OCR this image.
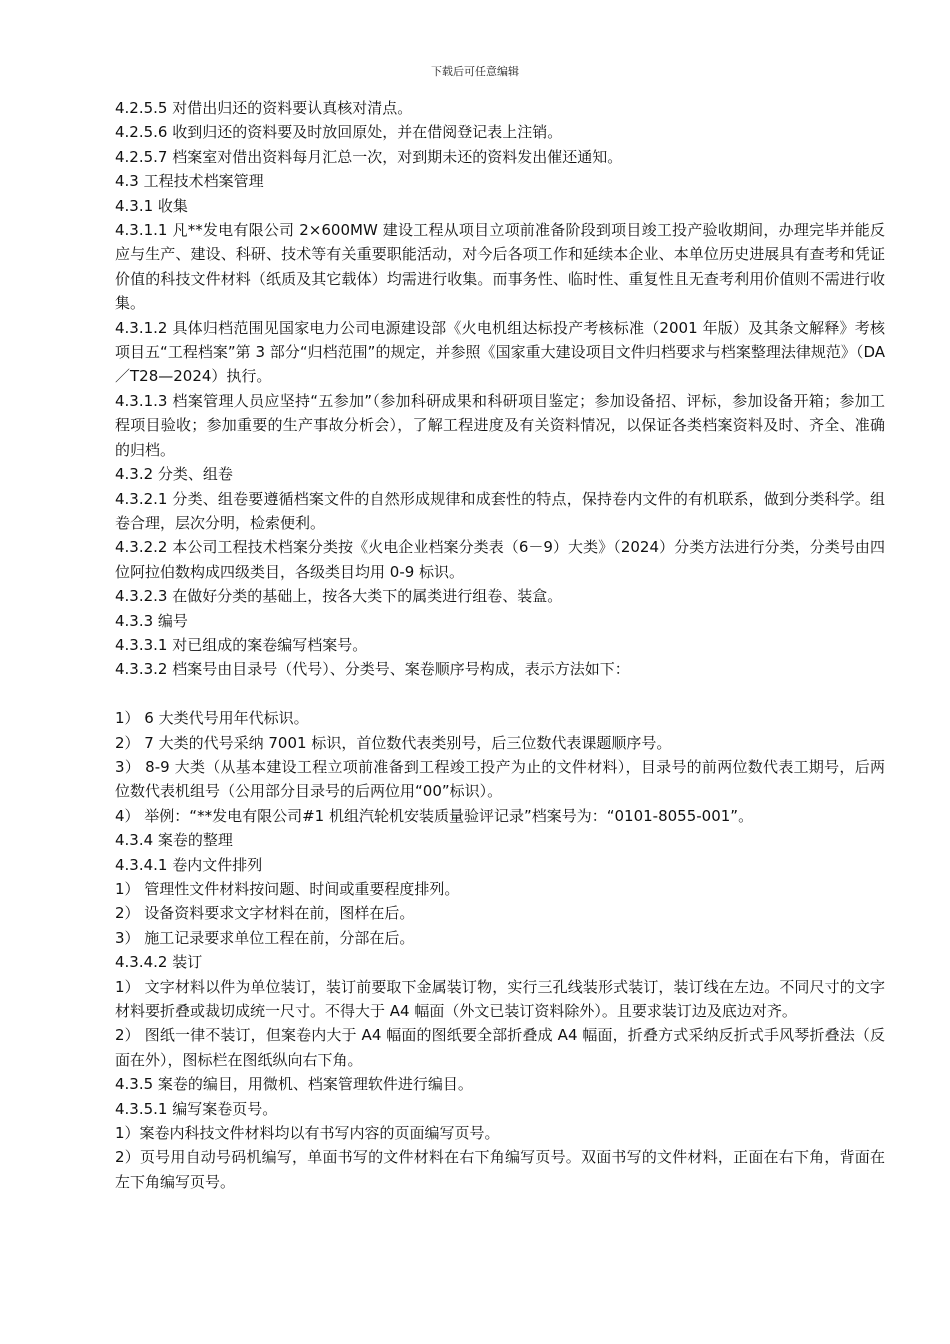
下载后可任意编辑

4.2.5.5 对借出归还的资料要认真核对清点。

4.2.5.6 收到归还的资料要及时放回原处，并在借阅登记表上注销。

4.2.5.7 档案室对借出资料每月汇总一次，对到期未还的资料发出催还通知。

4.3 工程技术档案管理

4.3.1 收集

4.3.1.1 凡**发电有限公司 2×600MW 建设工程从项目立项前准备阶段到项目竣工投产验收期间，办理完毕并能反应与生产、建设、科研、技术等有关重要职能活动，对今后各项工作和延续本企业、本单位历史进展具有查考和凭证价值的科技文件材料（纸质及其它载体）均需进行收集。而事务性、临时性、重复性且无查考利用价值则不需进行收集。

4.3.1.2 具体归档范围见国家电力公司电源建设部《火电机组达标投产考核标准（2001 年版）及其条文解释》考核项目五“工程档案”第 3 部分“归档范围”的规定，并参照《国家重大建设项目文件归档要求与档案整理法律规范》（DA／T28—2024）执行。

4.3.1.3 档案管理人员应坚持“五参加”（参加科研成果和科研项目鉴定；参加设备招、评标，参加设备开箱；参加工程项目验收；参加重要的生产事故分析会），了解工程进度及有关资料情况，以保证各类档案资料及时、齐全、准确的归档。

4.3.2 分类、组卷

4.3.2.1 分类、组卷要遵循档案文件的自然形成规律和成套性的特点，保持卷内文件的有机联系，做到分类科学。组卷合理，层次分明，检索便利。

4.3.2.2 本公司工程技术档案分类按《火电企业档案分类表（6－9）大类》（2024）分类方法进行分类，分类号由四位阿拉伯数构成四级类目，各级类目均用 0-9 标识。

4.3.2.3 在做好分类的基础上，按各大类下的属类进行组卷、装盒。

4.3.3 编号

4.3.3.1 对已组成的案卷编写档案号。

4.3.3.2 档案号由目录号（代号）、分类号、案卷顺序号构成，表示方法如下：

1） 6 大类代号用年代标识。

2） 7 大类的代号采纳 7001 标识，首位数代表类别号，后三位数代表课题顺序号。

3） 8-9 大类（从基本建设工程立项前准备到工程竣工投产为止的文件材料），目录号的前两位数代表工期号，后两位数代表机组号（公用部分目录号的后两位用“00”标识）。

4） 举例：“**发电有限公司#1 机组汽轮机安装质量验评记录”档案号为：“0101-8055-001”。

4.3.4 案卷的整理

4.3.4.1 卷内文件排列

1） 管理性文件材料按问题、时间或重要程度排列。

2） 设备资料要求文字材料在前，图样在后。

3） 施工记录要求单位工程在前，分部在后。

4.3.4.2 装订

1） 文字材料以件为单位装订，装订前要取下金属装订物，实行三孔线装形式装订，装订线在左边。不同尺寸的文字材料要折叠或裁切成统一尺寸。不得大于 A4 幅面（外文已装订资料除外）。且要求装订边及底边对齐。

2） 图纸一律不装订，但案卷内大于 A4 幅面的图纸要全部折叠成 A4 幅面，折叠方式采纳反折式手风琴折叠法（反面在外），图标栏在图纸纵向右下角。

4.3.5 案卷的编目，用微机、档案管理软件进行编目。

4.3.5.1 编写案卷页号。

1）案卷内科技文件材料均以有书写内容的页面编写页号。

2）页号用自动号码机编写，单面书写的文件材料在右下角编写页号。双面书写的文件材料，正面在右下角，背面在左下角编写页号。
